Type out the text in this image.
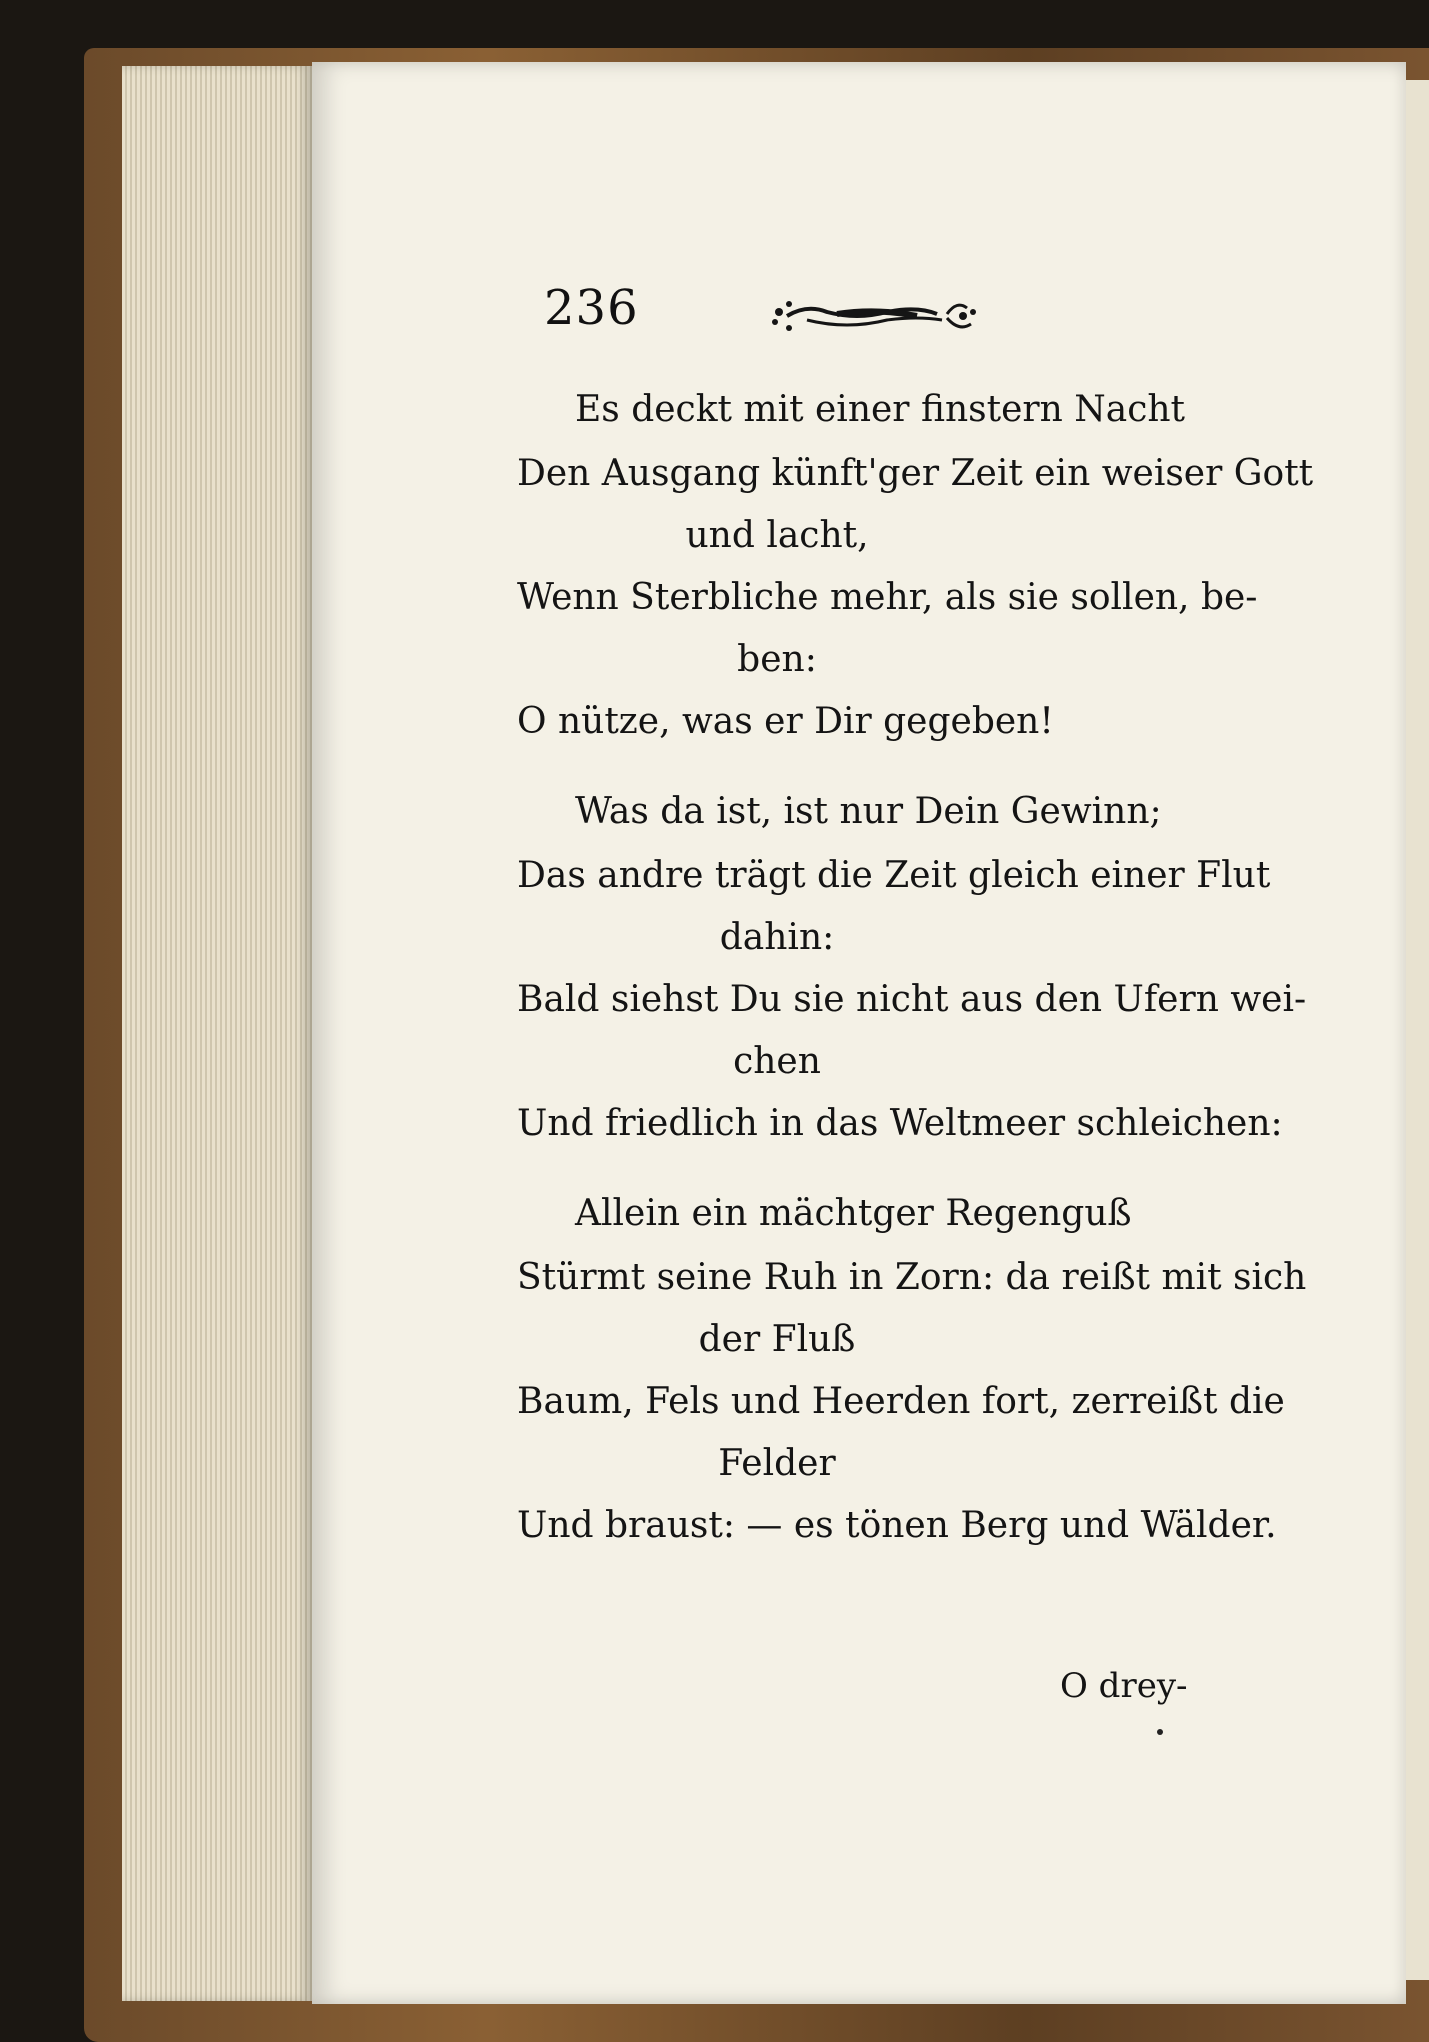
236
Es deckt mit einer finstern Nacht
Den Ausgang künft'ger Zeit ein weiser Gott
und lacht,
Wenn Sterbliche mehr, als sie sollen, be-
ben:
O nütze, was er Dir gegeben!
Was da ist, ist nur Dein Gewinn;
Das andre trägt die Zeit gleich einer Flut
dahin:
Bald siehst Du sie nicht aus den Ufern wei-
chen
Und friedlich in das Weltmeer schleichen:
Allein ein mächtger Regenguß
Stürmt seine Ruh in Zorn: da reißt mit sich
der Fluß
Baum, Fels und Heerden fort, zerreißt die
Felder
Und braust: — es tönen Berg und Wälder.
O drey-
